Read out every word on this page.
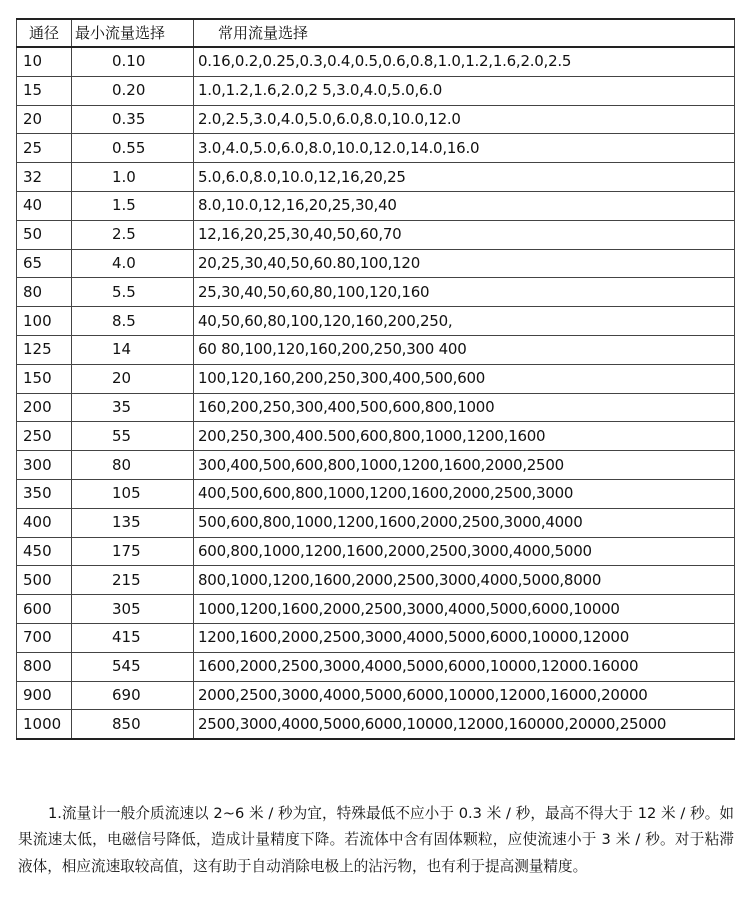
通径	最小流量选择	常用流量选择
10	0.10	0.16,0.2,0.25,0.3,0.4,0.5,0.6,0.8,1.0,1.2,1.6,2.0,2.5
15	0.20	1.0,1.2,1.6,2.0,2 5,3.0,4.0,5.0,6.0
20	0.35	2.0,2.5,3.0,4.0,5.0,6.0,8.0,10.0,12.0
25	0.55	3.0,4.0,5.0,6.0,8.0,10.0,12.0,14.0,16.0
32	1.0	5.0,6.0,8.0,10.0,12,16,20,25
40	1.5	8.0,10.0,12,16,20,25,30,40
50	2.5	12,16,20,25,30,40,50,60,70
65	4.0	20,25,30,40,50,60.80,100,120
80	5.5	25,30,40,50,60,80,100,120,160
100	8.5	40,50,60,80,100,120,160,200,250,
125	14	60 80,100,120,160,200,250,300 400
150	20	100,120,160,200,250,300,400,500,600
200	35	160,200,250,300,400,500,600,800,1000
250	55	200,250,300,400.500,600,800,1000,1200,1600
300	80	300,400,500,600,800,1000,1200,1600,2000,2500
350	105	400,500,600,800,1000,1200,1600,2000,2500,3000
400	135	500,600,800,1000,1200,1600,2000,2500,3000,4000
450	175	600,800,1000,1200,1600,2000,2500,3000,4000,5000
500	215	800,1000,1200,1600,2000,2500,3000,4000,5000,8000
600	305	1000,1200,1600,2000,2500,3000,4000,5000,6000,10000
700	415	1200,1600,2000,2500,3000,4000,5000,6000,10000,12000
800	545	1600,2000,2500,3000,4000,5000,6000,10000,12000.16000
900	690	2000,2500,3000,4000,5000,6000,10000,12000,16000,20000
1000	850	2500,3000,4000,5000,6000,10000,12000,160000,20000,25000

1.流量计一般介质流速以 2~6 米 / 秒为宜，特殊最低不应小于 0.3 米 / 秒，最高不得大于 12 米 / 秒。如果流速太低，电磁信号降低，造成计量精度下降。若流体中含有固体颗粒，应使流速小于 3 米 / 秒。对于粘滞液体，相应流速取较高值，这有助于自动消除电极上的沾污物，也有利于提高测量精度。
